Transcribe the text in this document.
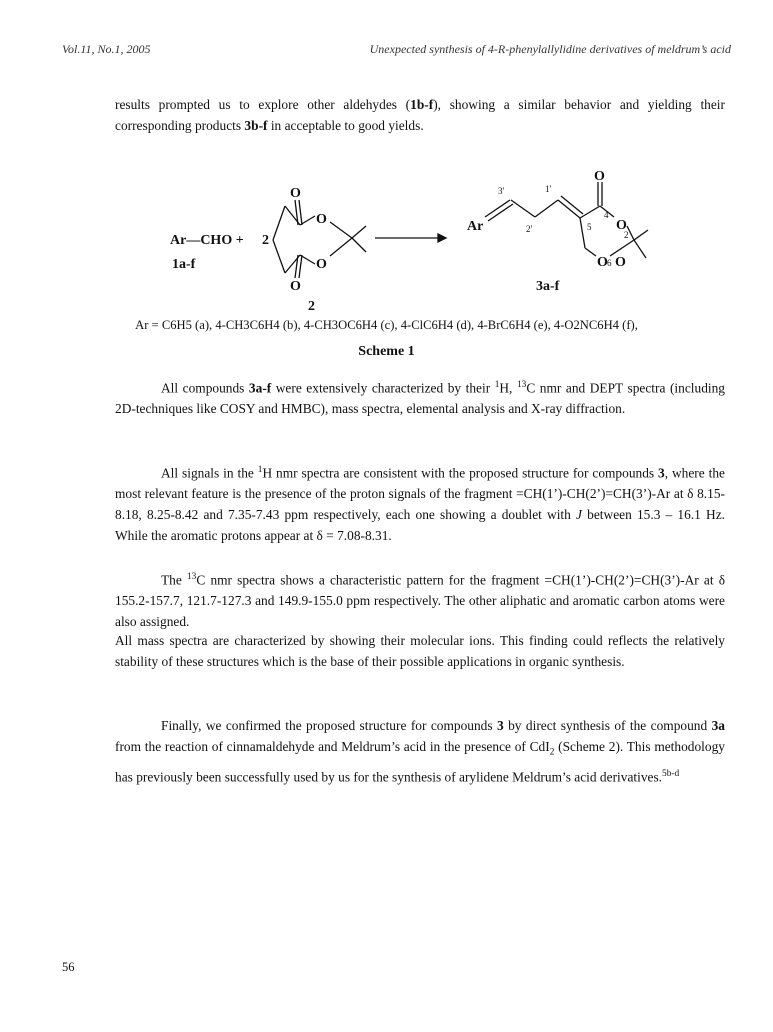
Vol.11, No.1, 2005	Unexpected synthesis of 4-R-phenylallylidine derivatives of meldrum’s acid

results prompted us to explore other aldehydes (1b-f), showing a similar behavior and yielding their corresponding products 3b-f in acceptable to good yields.

Ar—CHO + 2
1a-f
O
O
O
O
2
Ar
O
O
O O
3a-f
3'	1'
2'	5
4
2
6
Ar = C6H5 (a), 4-CH3C6H4 (b), 4-CH3OC6H4 (c), 4-ClC6H4 (d), 4-BrC6H4 (e), 4-O2NC6H4 (f),
Scheme 1

All compounds 3a-f were extensively characterized by their $^1$H, $^{13}$C nmr and DEPT spectra (including 2D-techniques like COSY and HMBC), mass spectra, elemental analysis and X-ray diffraction.

All signals in the $^1$H nmr spectra are consistent with the proposed structure for compounds 3, where the most relevant feature is the presence of the proton signals of the fragment =CH(1’)-CH(2’)=CH(3’)-Ar at δ 8.15-8.18, 8.25-8.42 and 7.35-7.43 ppm respectively, each one showing a doublet with J between 15.3 – 16.1 Hz. While the aromatic protons appear at δ = 7.08-8.31.

The $^{13}$C nmr spectra shows a characteristic pattern for the fragment =CH(1’)-CH(2’)=CH(3’)-Ar at δ 155.2-157.7, 121.7-127.3 and 149.9-155.0 ppm respectively. The other aliphatic and aromatic carbon atoms were also assigned.

All mass spectra are characterized by showing their molecular ions. This finding could reflects the relatively stability of these structures which is the base of their possible applications in organic synthesis.

Finally, we confirmed the proposed structure for compounds 3 by direct synthesis of the compound 3a from the reaction of cinnamaldehyde and Meldrum’s acid in the presence of CdI$_2$ (Scheme 2). This methodology has previously been successfully used by us for the synthesis of arylidene Meldrum’s acid derivatives.$^{5b-d}$

56
